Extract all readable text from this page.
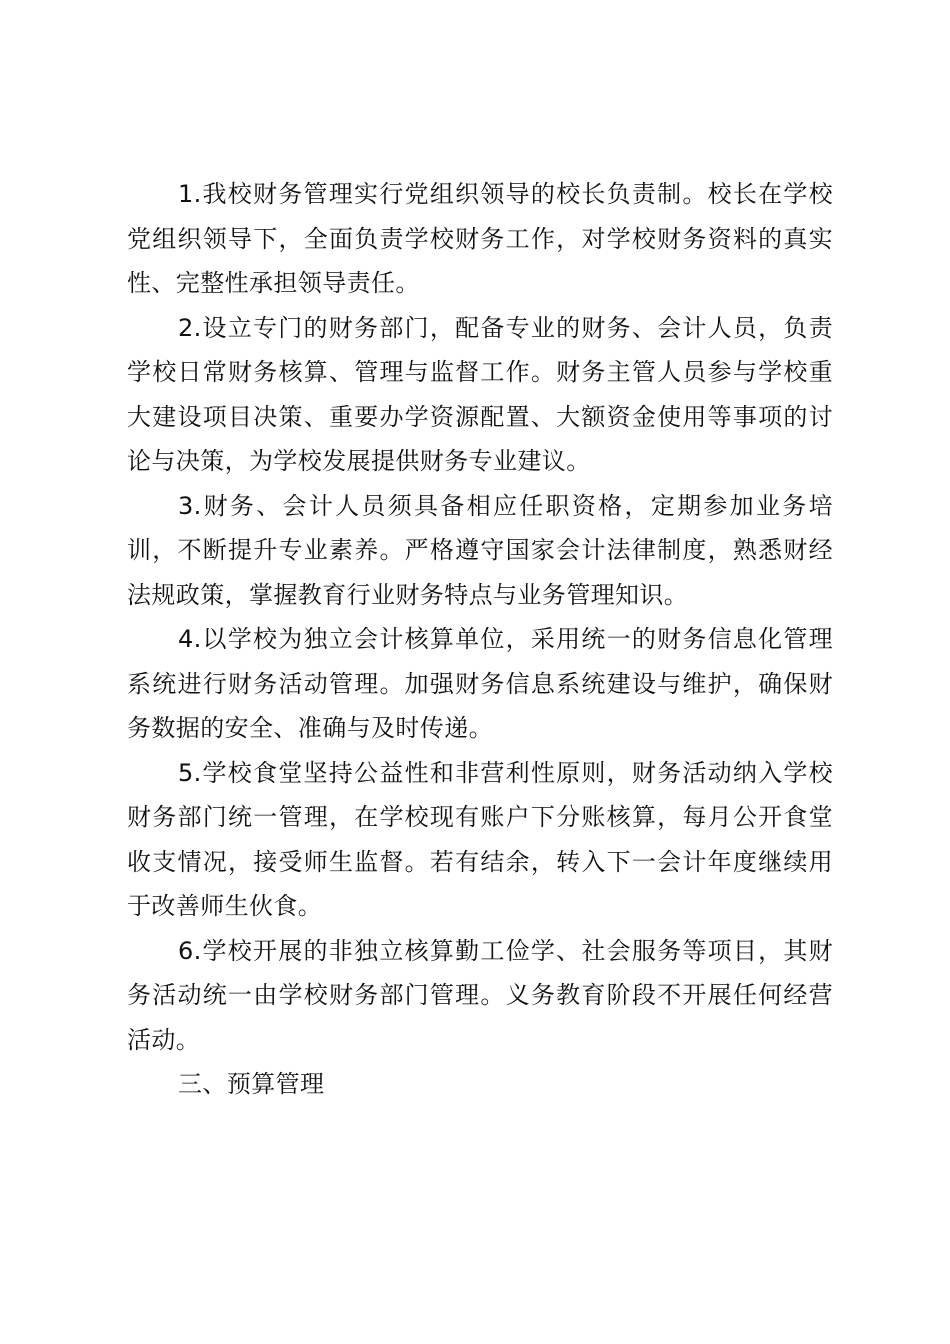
1.我校财务管理实行党组织领导的校长负责制。校长在学校党组织领导下，全面负责学校财务工作，对学校财务资料的真实性、完整性承担领导责任。

2.设立专门的财务部门，配备专业的财务、会计人员，负责学校日常财务核算、管理与监督工作。财务主管人员参与学校重大建设项目决策、重要办学资源配置、大额资金使用等事项的讨论与决策，为学校发展提供财务专业建议。

3.财务、会计人员须具备相应任职资格，定期参加业务培训，不断提升专业素养。严格遵守国家会计法律制度，熟悉财经法规政策，掌握教育行业财务特点与业务管理知识。

4.以学校为独立会计核算单位，采用统一的财务信息化管理系统进行财务活动管理。加强财务信息系统建设与维护，确保财务数据的安全、准确与及时传递。

5.学校食堂坚持公益性和非营利性原则，财务活动纳入学校财务部门统一管理，在学校现有账户下分账核算，每月公开食堂收支情况，接受师生监督。若有结余，转入下一会计年度继续用于改善师生伙食。

6.学校开展的非独立核算勤工俭学、社会服务等项目，其财务活动统一由学校财务部门管理。义务教育阶段不开展任何经营活动。

三、预算管理
